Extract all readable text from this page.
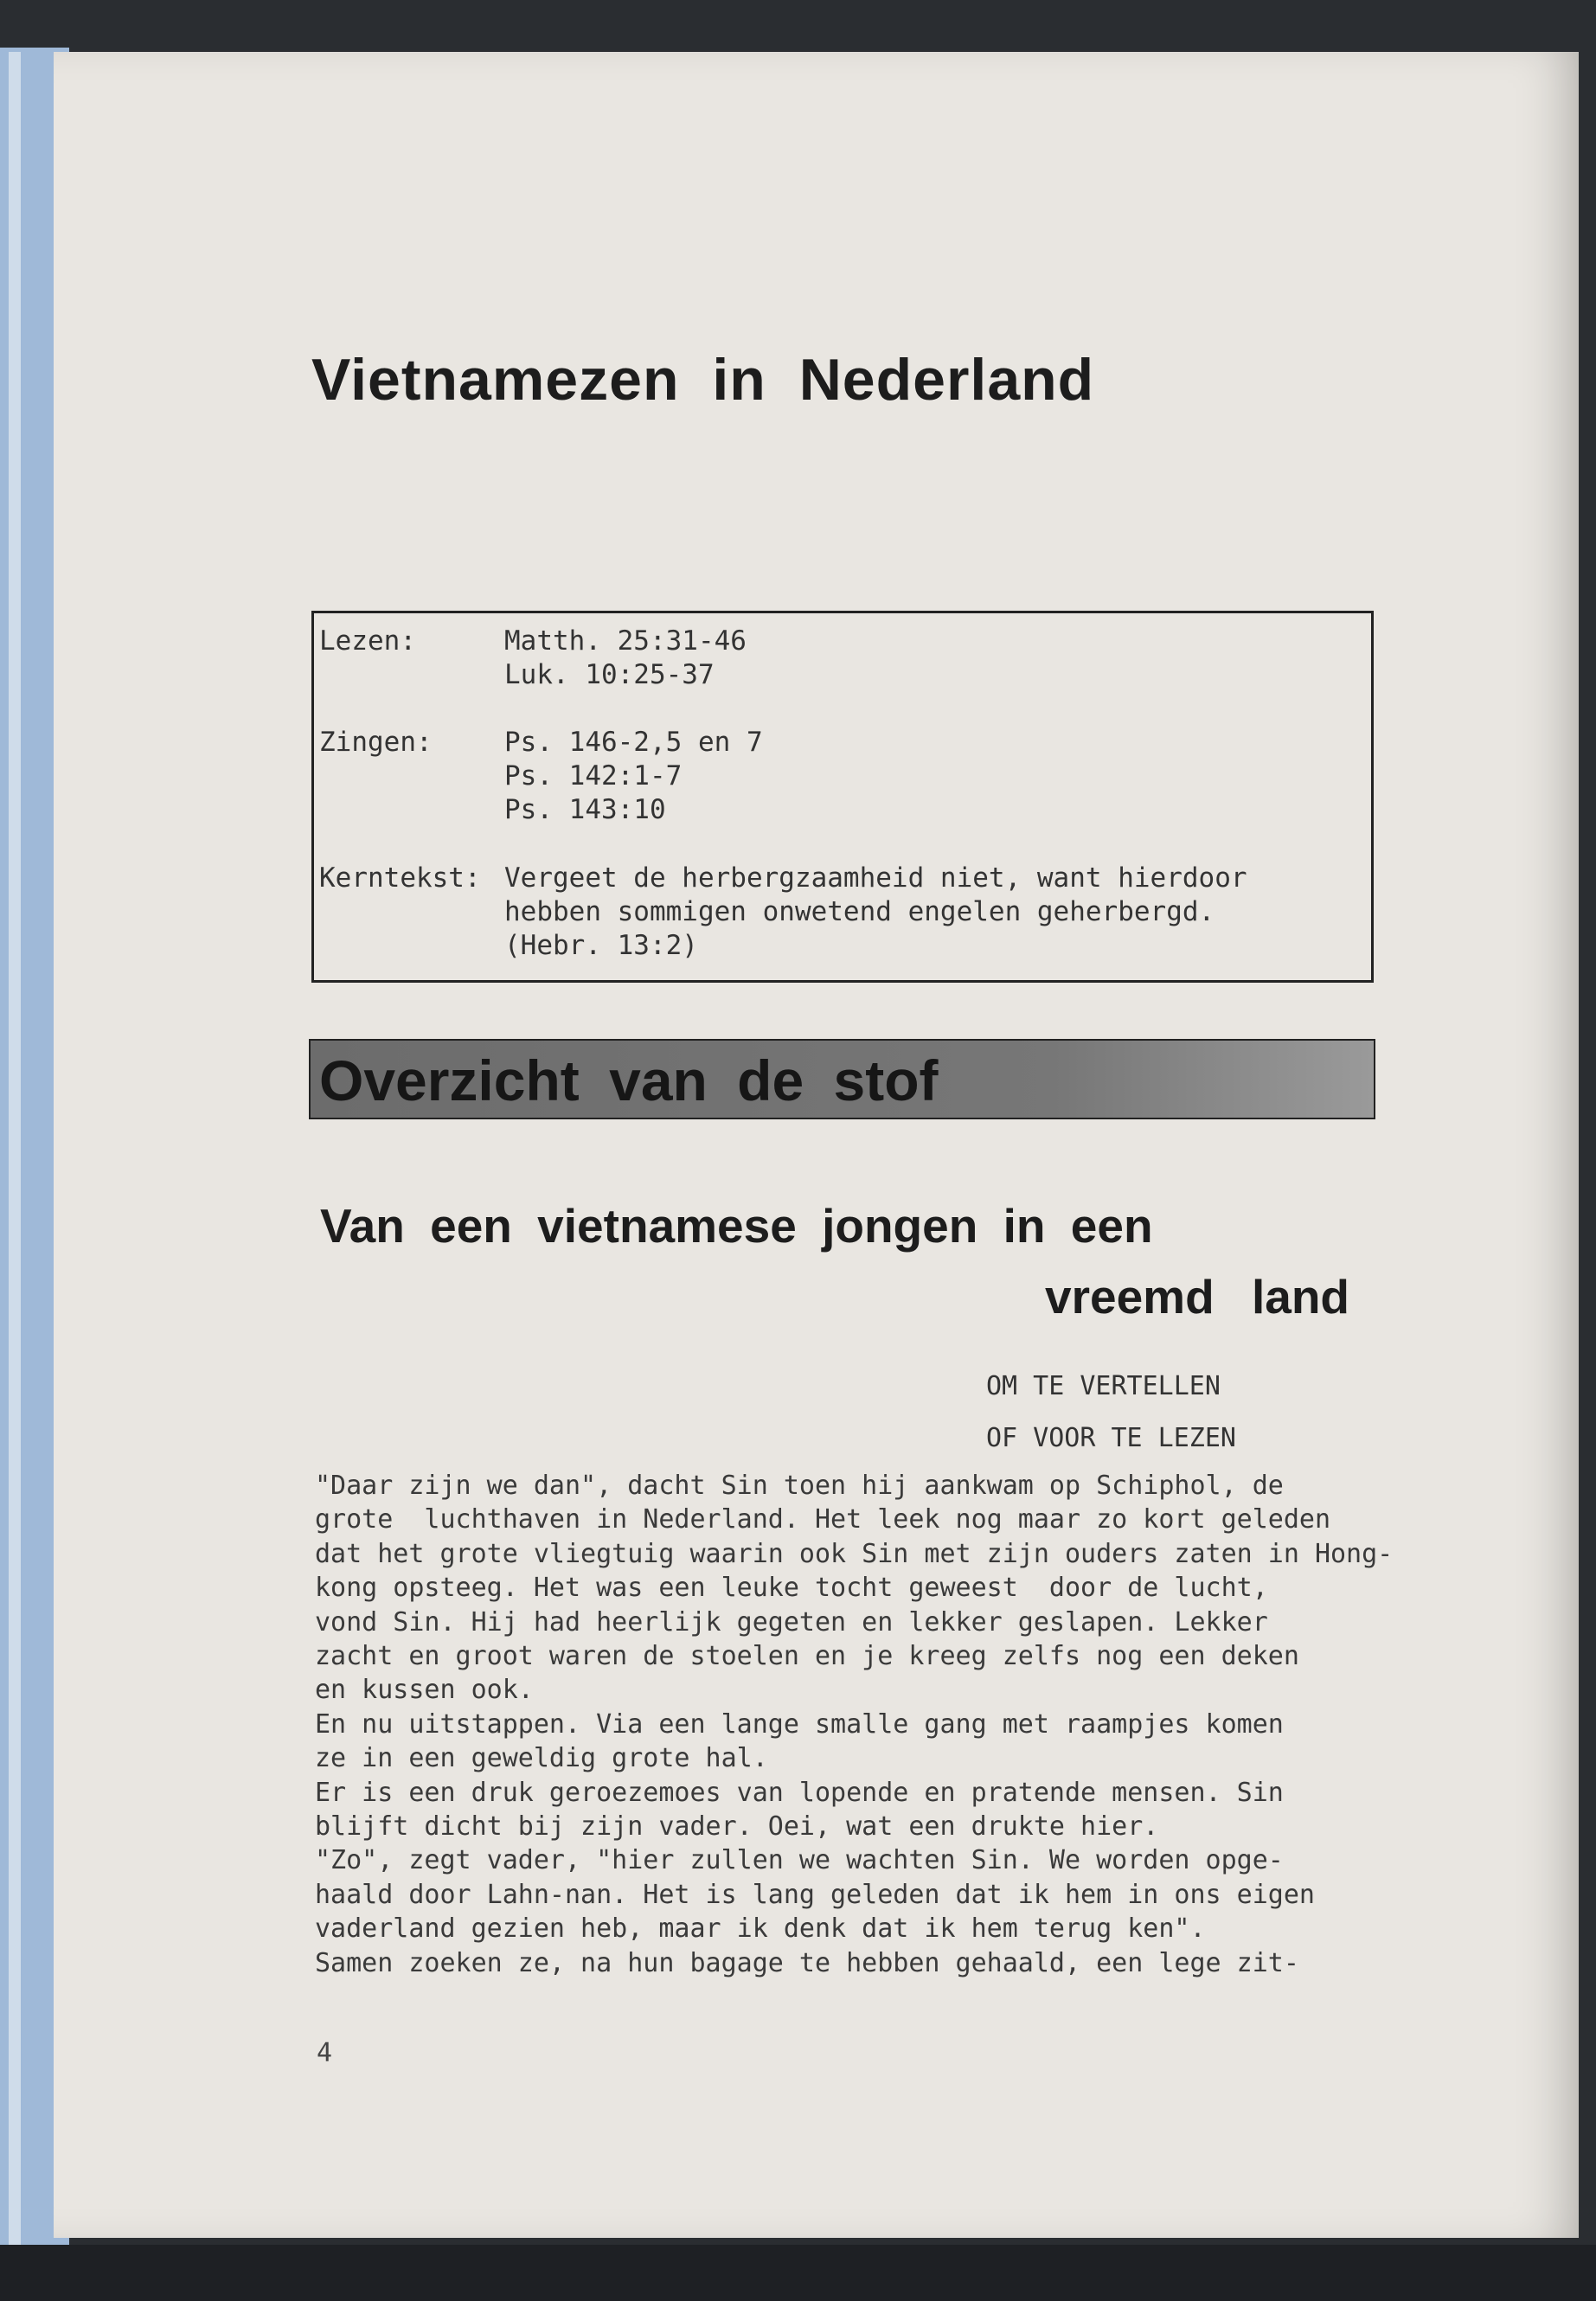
Vietnamezen in Nederland
Lezen:	Matth. 25:31-46
Luk. 10:25-37
Zingen:	Ps. 146-2,5 en 7
Ps. 142:1-7
Ps. 143:10
Kerntekst: Vergeet de herbergzaamheid niet, want hierdoor
hebben sommigen onwetend engelen geherbergd.
(Hebr. 13:2)
Overzicht van de stof
Van een vietnamese jongen in een
vreemd land
OM TE VERTELLEN
OF VOOR TE LEZEN
"Daar zijn we dan", dacht Sin toen hij aankwam op Schiphol, de
grote  luchthaven in Nederland. Het leek nog maar zo kort geleden
dat het grote vliegtuig waarin ook Sin met zijn ouders zaten in Hong-
kong opsteeg. Het was een leuke tocht geweest  door de lucht,
vond Sin. Hij had heerlijk gegeten en lekker geslapen. Lekker
zacht en groot waren de stoelen en je kreeg zelfs nog een deken
en kussen ook.
En nu uitstappen. Via een lange smalle gang met raampjes komen
ze in een geweldig grote hal.
Er is een druk geroezemoes van lopende en pratende mensen. Sin
blijft dicht bij zijn vader. Oei, wat een drukte hier.
"Zo", zegt vader, "hier zullen we wachten Sin. We worden opge-
haald door Lahn-nan. Het is lang geleden dat ik hem in ons eigen
vaderland gezien heb, maar ik denk dat ik hem terug ken".
Samen zoeken ze, na hun bagage te hebben gehaald, een lege zit-
4
